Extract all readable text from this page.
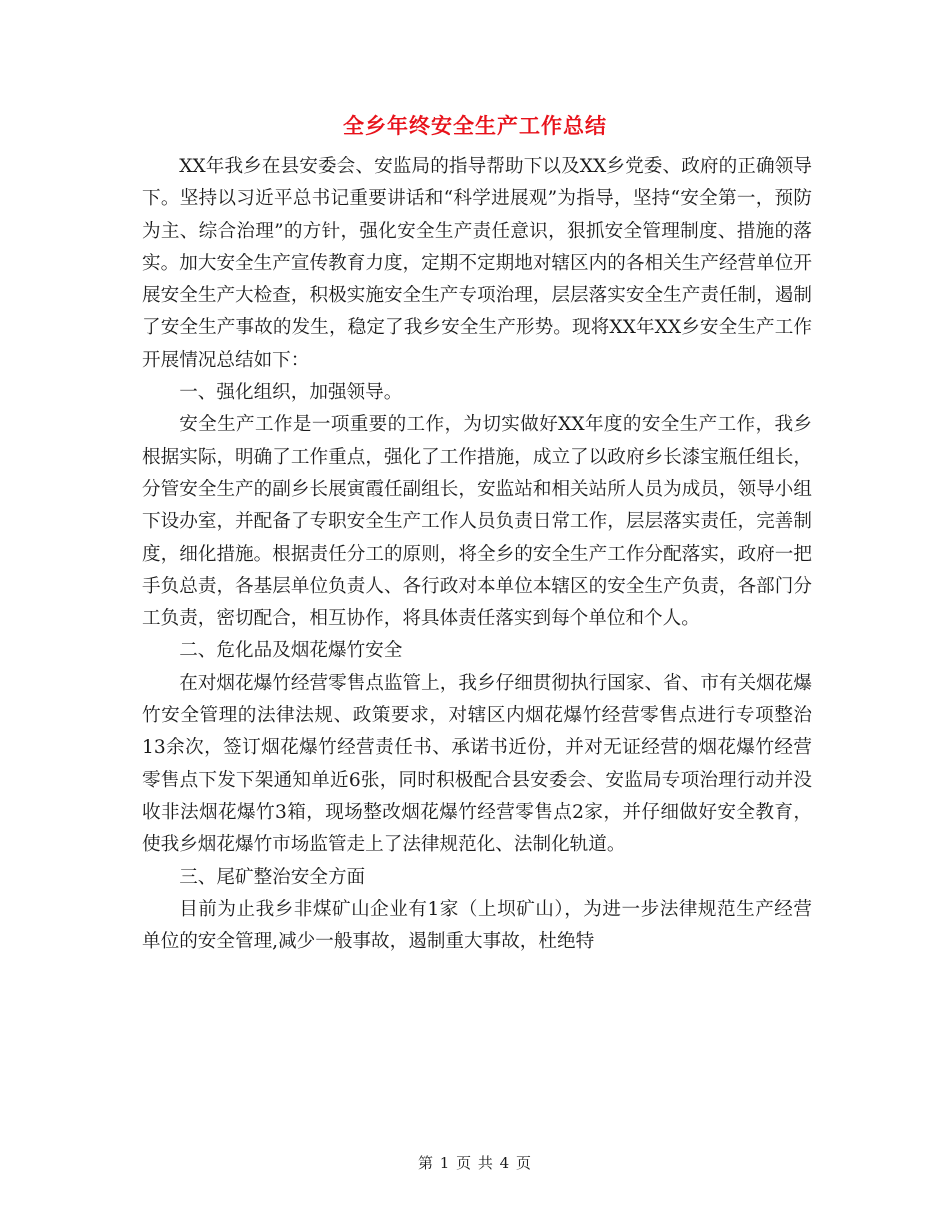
全乡年终安全生产工作总结

XX年我乡在县安委会、安监局的指导帮助下以及XX乡党委、政府的正确领导下。坚持以习近平总书记重要讲话和“科学进展观”为指导，坚持“安全第一，预防为主、综合治理”的方针，强化安全生产责任意识，狠抓安全管理制度、措施的落实。加大安全生产宣传教育力度，定期不定期地对辖区内的各相关生产经营单位开展安全生产大检查，积极实施安全生产专项治理，层层落实安全生产责任制，遏制了安全生产事故的发生，稳定了我乡安全生产形势。现将XX年XX乡安全生产工作开展情况总结如下：

一、强化组织，加强领导。

安全生产工作是一项重要的工作，为切实做好XX年度的安全生产工作，我乡根据实际，明确了工作重点，强化了工作措施，成立了以政府乡长漆宝瓶任组长，分管安全生产的副乡长展寅霞任副组长，安监站和相关站所人员为成员，领导小组下设办室，并配备了专职安全生产工作人员负责日常工作，层层落实责任，完善制度，细化措施。根据责任分工的原则，将全乡的安全生产工作分配落实，政府一把手负总责，各基层单位负责人、各行政对本单位本辖区的安全生产负责，各部门分工负责，密切配合，相互协作，将具体责任落实到每个单位和个人。

二、危化品及烟花爆竹安全

在对烟花爆竹经营零售点监管上，我乡仔细贯彻执行国家、省、市有关烟花爆竹安全管理的法律法规、政策要求，对辖区内烟花爆竹经营零售点进行专项整治13余次，签订烟花爆竹经营责任书、承诺书近份，并对无证经营的烟花爆竹经营零售点下发下架通知单近6张，同时积极配合县安委会、安监局专项治理行动并没收非法烟花爆竹3箱，现场整改烟花爆竹经营零售点2家，并仔细做好安全教育，使我乡烟花爆竹市场监管走上了法律规范化、法制化轨道。

三、尾矿整治安全方面

目前为止我乡非煤矿山企业有1家（上坝矿山），为进一步法律规范生产经营单位的安全管理,减少一般事故，遏制重大事故，杜绝特

第 1 页 共 4 页
